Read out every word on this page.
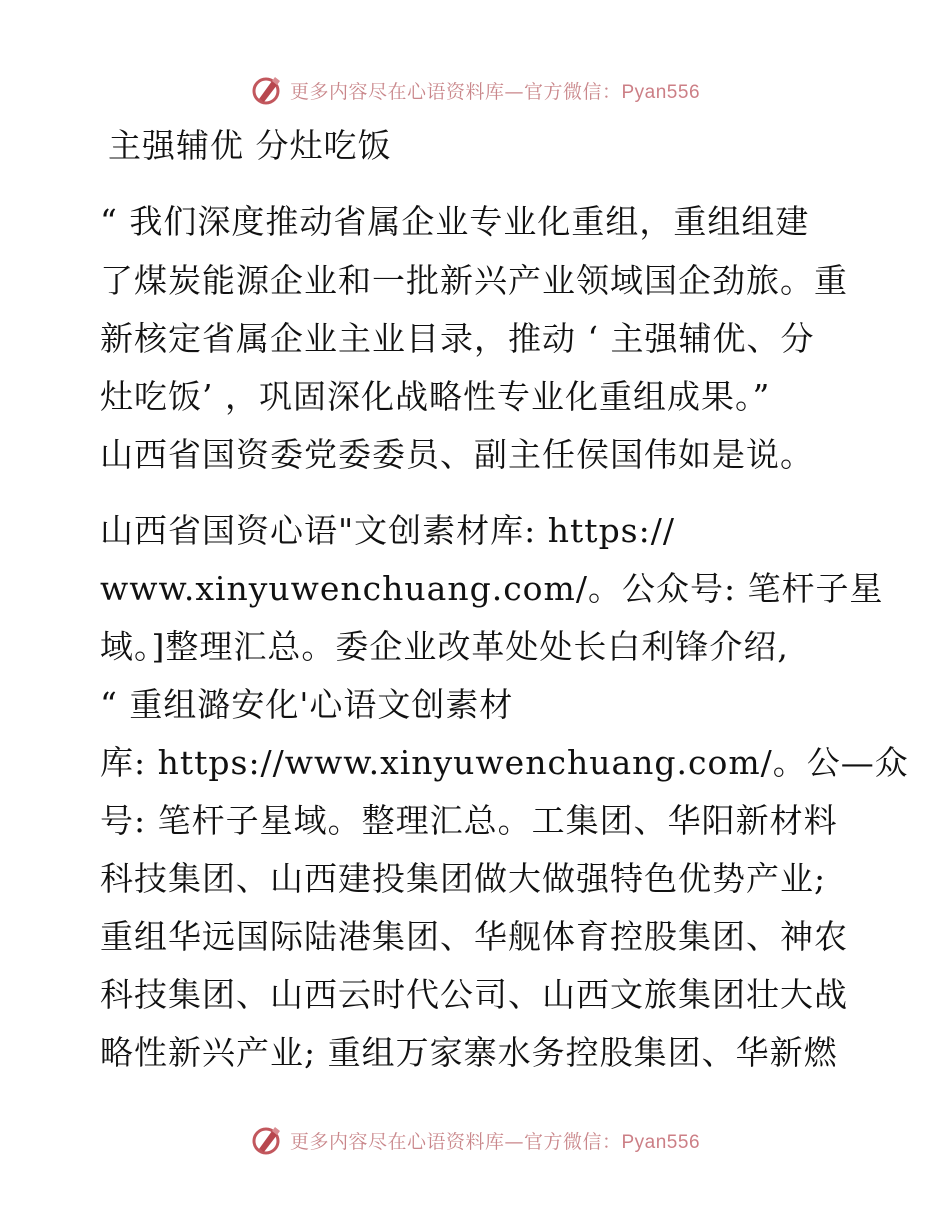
更多内容尽在心语资料库—官方微信：Pyan556
主强辅优 分灶吃饭
“ 我们深度推动省属企业专业化重组，重组组建
了煤炭能源企业和一批新兴产业领域国企劲旅。重
新核定省属企业主业目录，推动 ‘ 主强辅优、分
灶吃饭’ ，巩固深化战略性专业化重组成果。”
山西省国资委党委委员、副主任侯国伟如是说。
山西省国资心语"文创素材库: https://
www.xinyuwenchuang.com/。公众号: 笔杆子星
域。]整理汇总。委企业改革处处长白利锋介绍,
“ 重组潞安化'心语文创素材
库: https://www.xinyuwenchuang.com/。公—众
号: 笔杆子星域。整理汇总。工集团、华阳新材料
科技集团、山西建投集团做大做强特色优势产业;
重组华远国际陆港集团、华舰体育控股集团、神农
科技集团、山西云时代公司、山西文旅集团壮大战
略性新兴产业; 重组万家寨水务控股集团、华新燃
更多内容尽在心语资料库—官方微信：Pyan556
